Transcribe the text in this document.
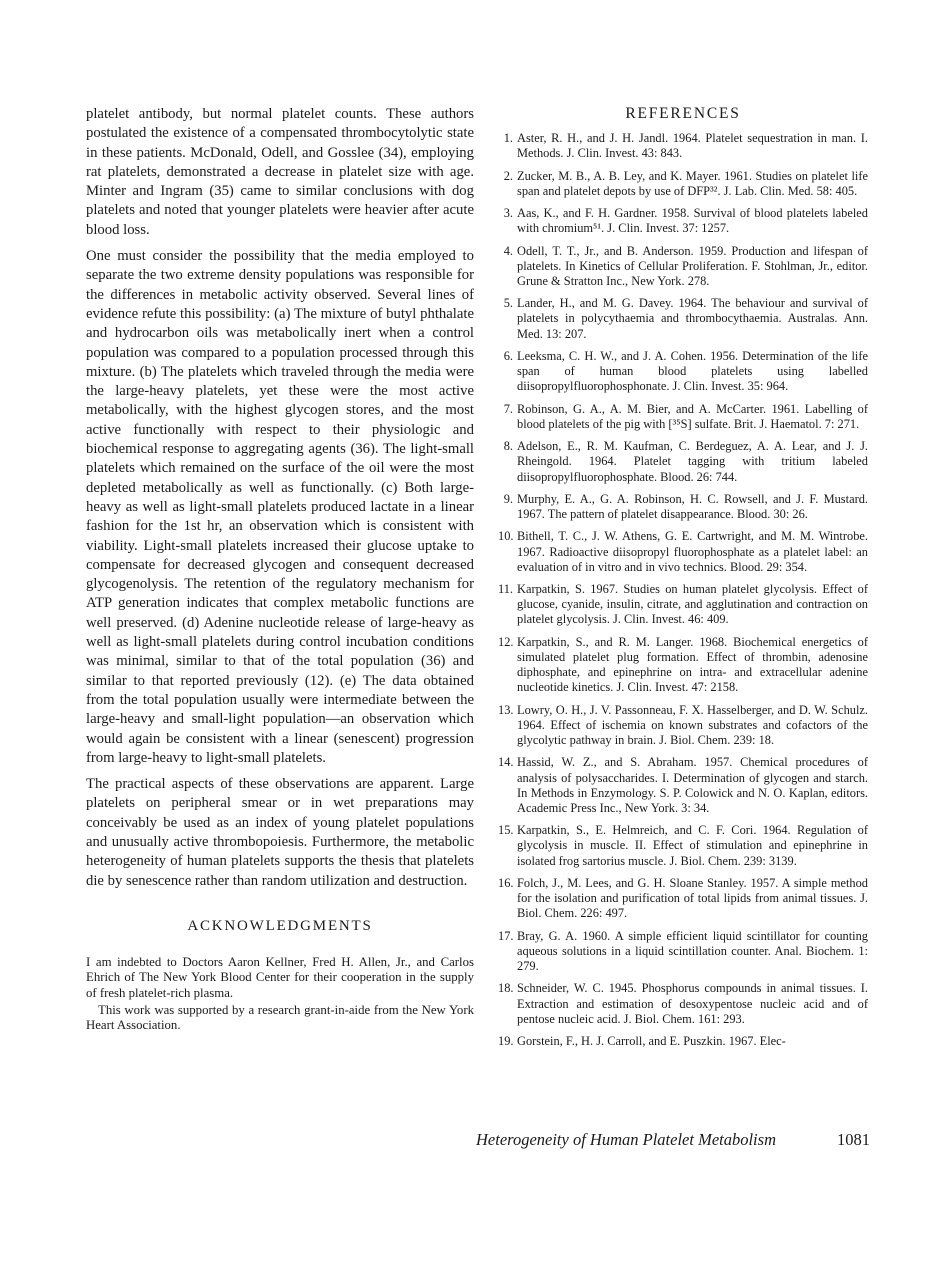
platelet antibody, but normal platelet counts. These authors postulated the existence of a compensated thrombocytolytic state in these patients. McDonald, Odell, and Gosslee (34), employing rat platelets, demonstrated a decrease in platelet size with age. Minter and Ingram (35) came to similar conclusions with dog platelets and noted that younger platelets were heavier after acute blood loss.

One must consider the possibility that the media employed to separate the two extreme density populations was responsible for the differences in metabolic activity observed. Several lines of evidence refute this possibility: (a) The mixture of butyl phthalate and hydrocarbon oils was metabolically inert when a control population was compared to a population processed through this mixture. (b) The platelets which traveled through the media were the large-heavy platelets, yet these were the most active metabolically, with the highest glycogen stores, and the most active functionally with respect to their physiologic and biochemical response to aggregating agents (36). The light-small platelets which remained on the surface of the oil were the most depleted metabolically as well as functionally. (c) Both large-heavy as well as light-small platelets produced lactate in a linear fashion for the 1st hr, an observation which is consistent with viability. Light-small platelets increased their glucose uptake to compensate for decreased glycogen and consequent decreased glycogenolysis. The retention of the regulatory mechanism for ATP generation indicates that complex metabolic functions are well preserved. (d) Adenine nucleotide release of large-heavy as well as light-small platelets during control incubation conditions was minimal, similar to that of the total population (36) and similar to that reported previously (12). (e) The data obtained from the total population usually were intermediate between the large-heavy and small-light population—an observation which would again be consistent with a linear (senescent) progression from large-heavy to light-small platelets.

The practical aspects of these observations are apparent. Large platelets on peripheral smear or in wet preparations may conceivably be used as an index of young platelet populations and unusually active thrombopoiesis. Furthermore, the metabolic heterogeneity of human platelets supports the thesis that platelets die by senescence rather than random utilization and destruction.

ACKNOWLEDGMENTS

I am indebted to Doctors Aaron Kellner, Fred H. Allen, Jr., and Carlos Ehrich of The New York Blood Center for their cooperation in the supply of fresh platelet-rich plasma.

This work was supported by a research grant-in-aide from the New York Heart Association.

REFERENCES
1. Aster, R. H., and J. H. Jandl. 1964. Platelet sequestration in man. I. Methods. J. Clin. Invest. 43: 843.
2. Zucker, M. B., A. B. Ley, and K. Mayer. 1961. Studies on platelet life span and platelet depots by use of DFP³². J. Lab. Clin. Med. 58: 405.
3. Aas, K., and F. H. Gardner. 1958. Survival of blood platelets labeled with chromium⁵¹. J. Clin. Invest. 37: 1257.
4. Odell, T. T., Jr., and B. Anderson. 1959. Production and lifespan of platelets. In Kinetics of Cellular Proliferation. F. Stohlman, Jr., editor. Grune & Stratton Inc., New York. 278.
5. Lander, H., and M. G. Davey. 1964. The behaviour and survival of platelets in polycythaemia and thrombocythaemia. Australas. Ann. Med. 13: 207.
6. Leeksma, C. H. W., and J. A. Cohen. 1956. Determination of the life span of human blood platelets using labelled diisopropylfluorophosphonate. J. Clin. Invest. 35: 964.
7. Robinson, G. A., A. M. Bier, and A. McCarter. 1961. Labelling of blood platelets of the pig with [³⁵S] sulfate. Brit. J. Haematol. 7: 271.
8. Adelson, E., R. M. Kaufman, C. Berdeguez, A. A. Lear, and J. J. Rheingold. 1964. Platelet tagging with tritium labeled diisopropylfluorophosphate. Blood. 26: 744.
9. Murphy, E. A., G. A. Robinson, H. C. Rowsell, and J. F. Mustard. 1967. The pattern of platelet disappearance. Blood. 30: 26.
10. Bithell, T. C., J. W. Athens, G. E. Cartwright, and M. M. Wintrobe. 1967. Radioactive diisopropyl fluorophosphate as a platelet label: an evaluation of in vitro and in vivo technics. Blood. 29: 354.
11. Karpatkin, S. 1967. Studies on human platelet glycolysis. Effect of glucose, cyanide, insulin, citrate, and agglutination and contraction on platelet glycolysis. J. Clin. Invest. 46: 409.
12. Karpatkin, S., and R. M. Langer. 1968. Biochemical energetics of simulated platelet plug formation. Effect of thrombin, adenosine diphosphate, and epinephrine on intra- and extracellular adenine nucleotide kinetics. J. Clin. Invest. 47: 2158.
13. Lowry, O. H., J. V. Passonneau, F. X. Hasselberger, and D. W. Schulz. 1964. Effect of ischemia on known substrates and cofactors of the glycolytic pathway in brain. J. Biol. Chem. 239: 18.
14. Hassid, W. Z., and S. Abraham. 1957. Chemical procedures of analysis of polysaccharides. I. Determination of glycogen and starch. In Methods in Enzymology. S. P. Colowick and N. O. Kaplan, editors. Academic Press Inc., New York. 3: 34.
15. Karpatkin, S., E. Helmreich, and C. F. Cori. 1964. Regulation of glycolysis in muscle. II. Effect of stimulation and epinephrine in isolated frog sartorius muscle. J. Biol. Chem. 239: 3139.
16. Folch, J., M. Lees, and G. H. Sloane Stanley. 1957. A simple method for the isolation and purification of total lipids from animal tissues. J. Biol. Chem. 226: 497.
17. Bray, G. A. 1960. A simple efficient liquid scintillator for counting aqueous solutions in a liquid scintillation counter. Anal. Biochem. 1: 279.
18. Schneider, W. C. 1945. Phosphorus compounds in animal tissues. I. Extraction and estimation of desoxypentose nucleic acid and of pentose nucleic acid. J. Biol. Chem. 161: 293.
19. Gorstein, F., H. J. Carroll, and E. Puszkin. 1967. Elec-
Heterogeneity of Human Platelet Metabolism	1081
